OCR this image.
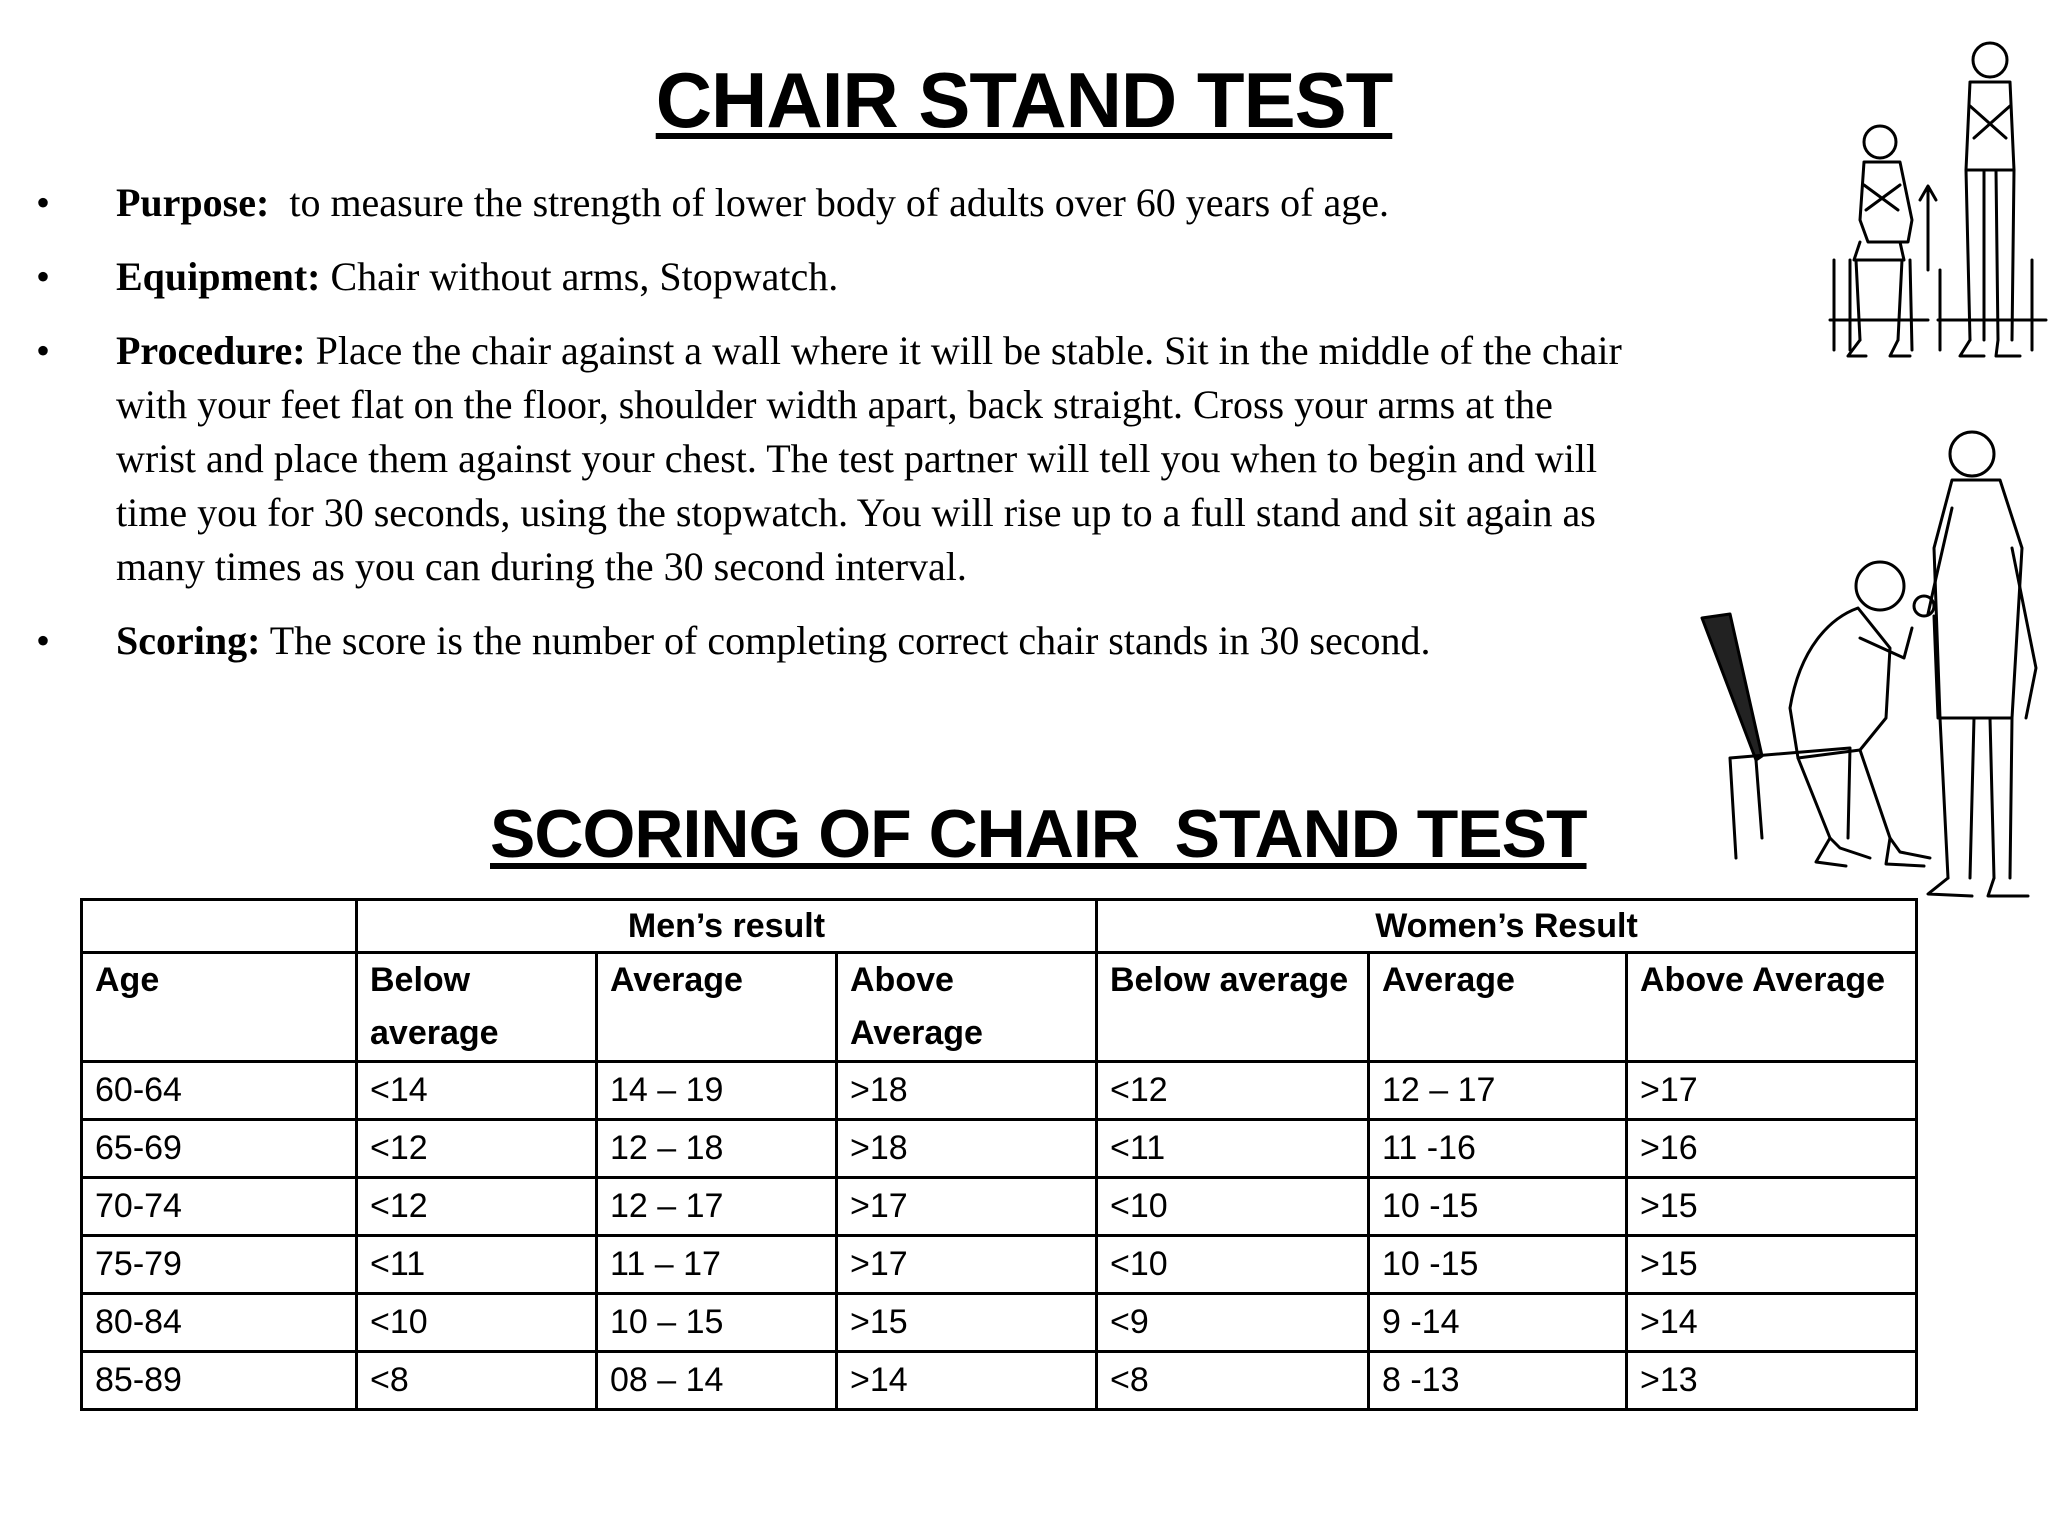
CHAIR STAND TEST
•	Purpose:  to measure the strength of lower body of adults over 60 years of age.
•	Equipment: Chair without arms, Stopwatch.
•	Procedure: Place the chair against a wall where it will be stable. Sit in the middle of the chair with your feet flat on the floor, shoulder width apart, back straight. Cross your arms at the wrist and place them against your chest. The test partner will tell you when to begin and will time you for 30 seconds, using the stopwatch. You will rise up to a full stand and sit again as many times as you can during the 30 second interval.
•	Scoring: The score is the number of completing correct chair stands in 30 second.
SCORING OF CHAIR  STAND TEST
	Men’s result			Women’s Result		
Age	Below average	Average	Above Average	Below average	Average	Above Average
60-64	<14	14 – 19	>18	<12	12 – 17	>17
65-69	<12	12 – 18	>18	<11	11 -16	>16
70-74	<12	12 – 17	>17	<10	10 -15	>15
75-79	<11	11 – 17	>17	<10	10 -15	>15
80-84	<10	10 – 15	>15	<9	9 -14	>14
85-89	<8	08 – 14	>14	<8	8 -13	>13
